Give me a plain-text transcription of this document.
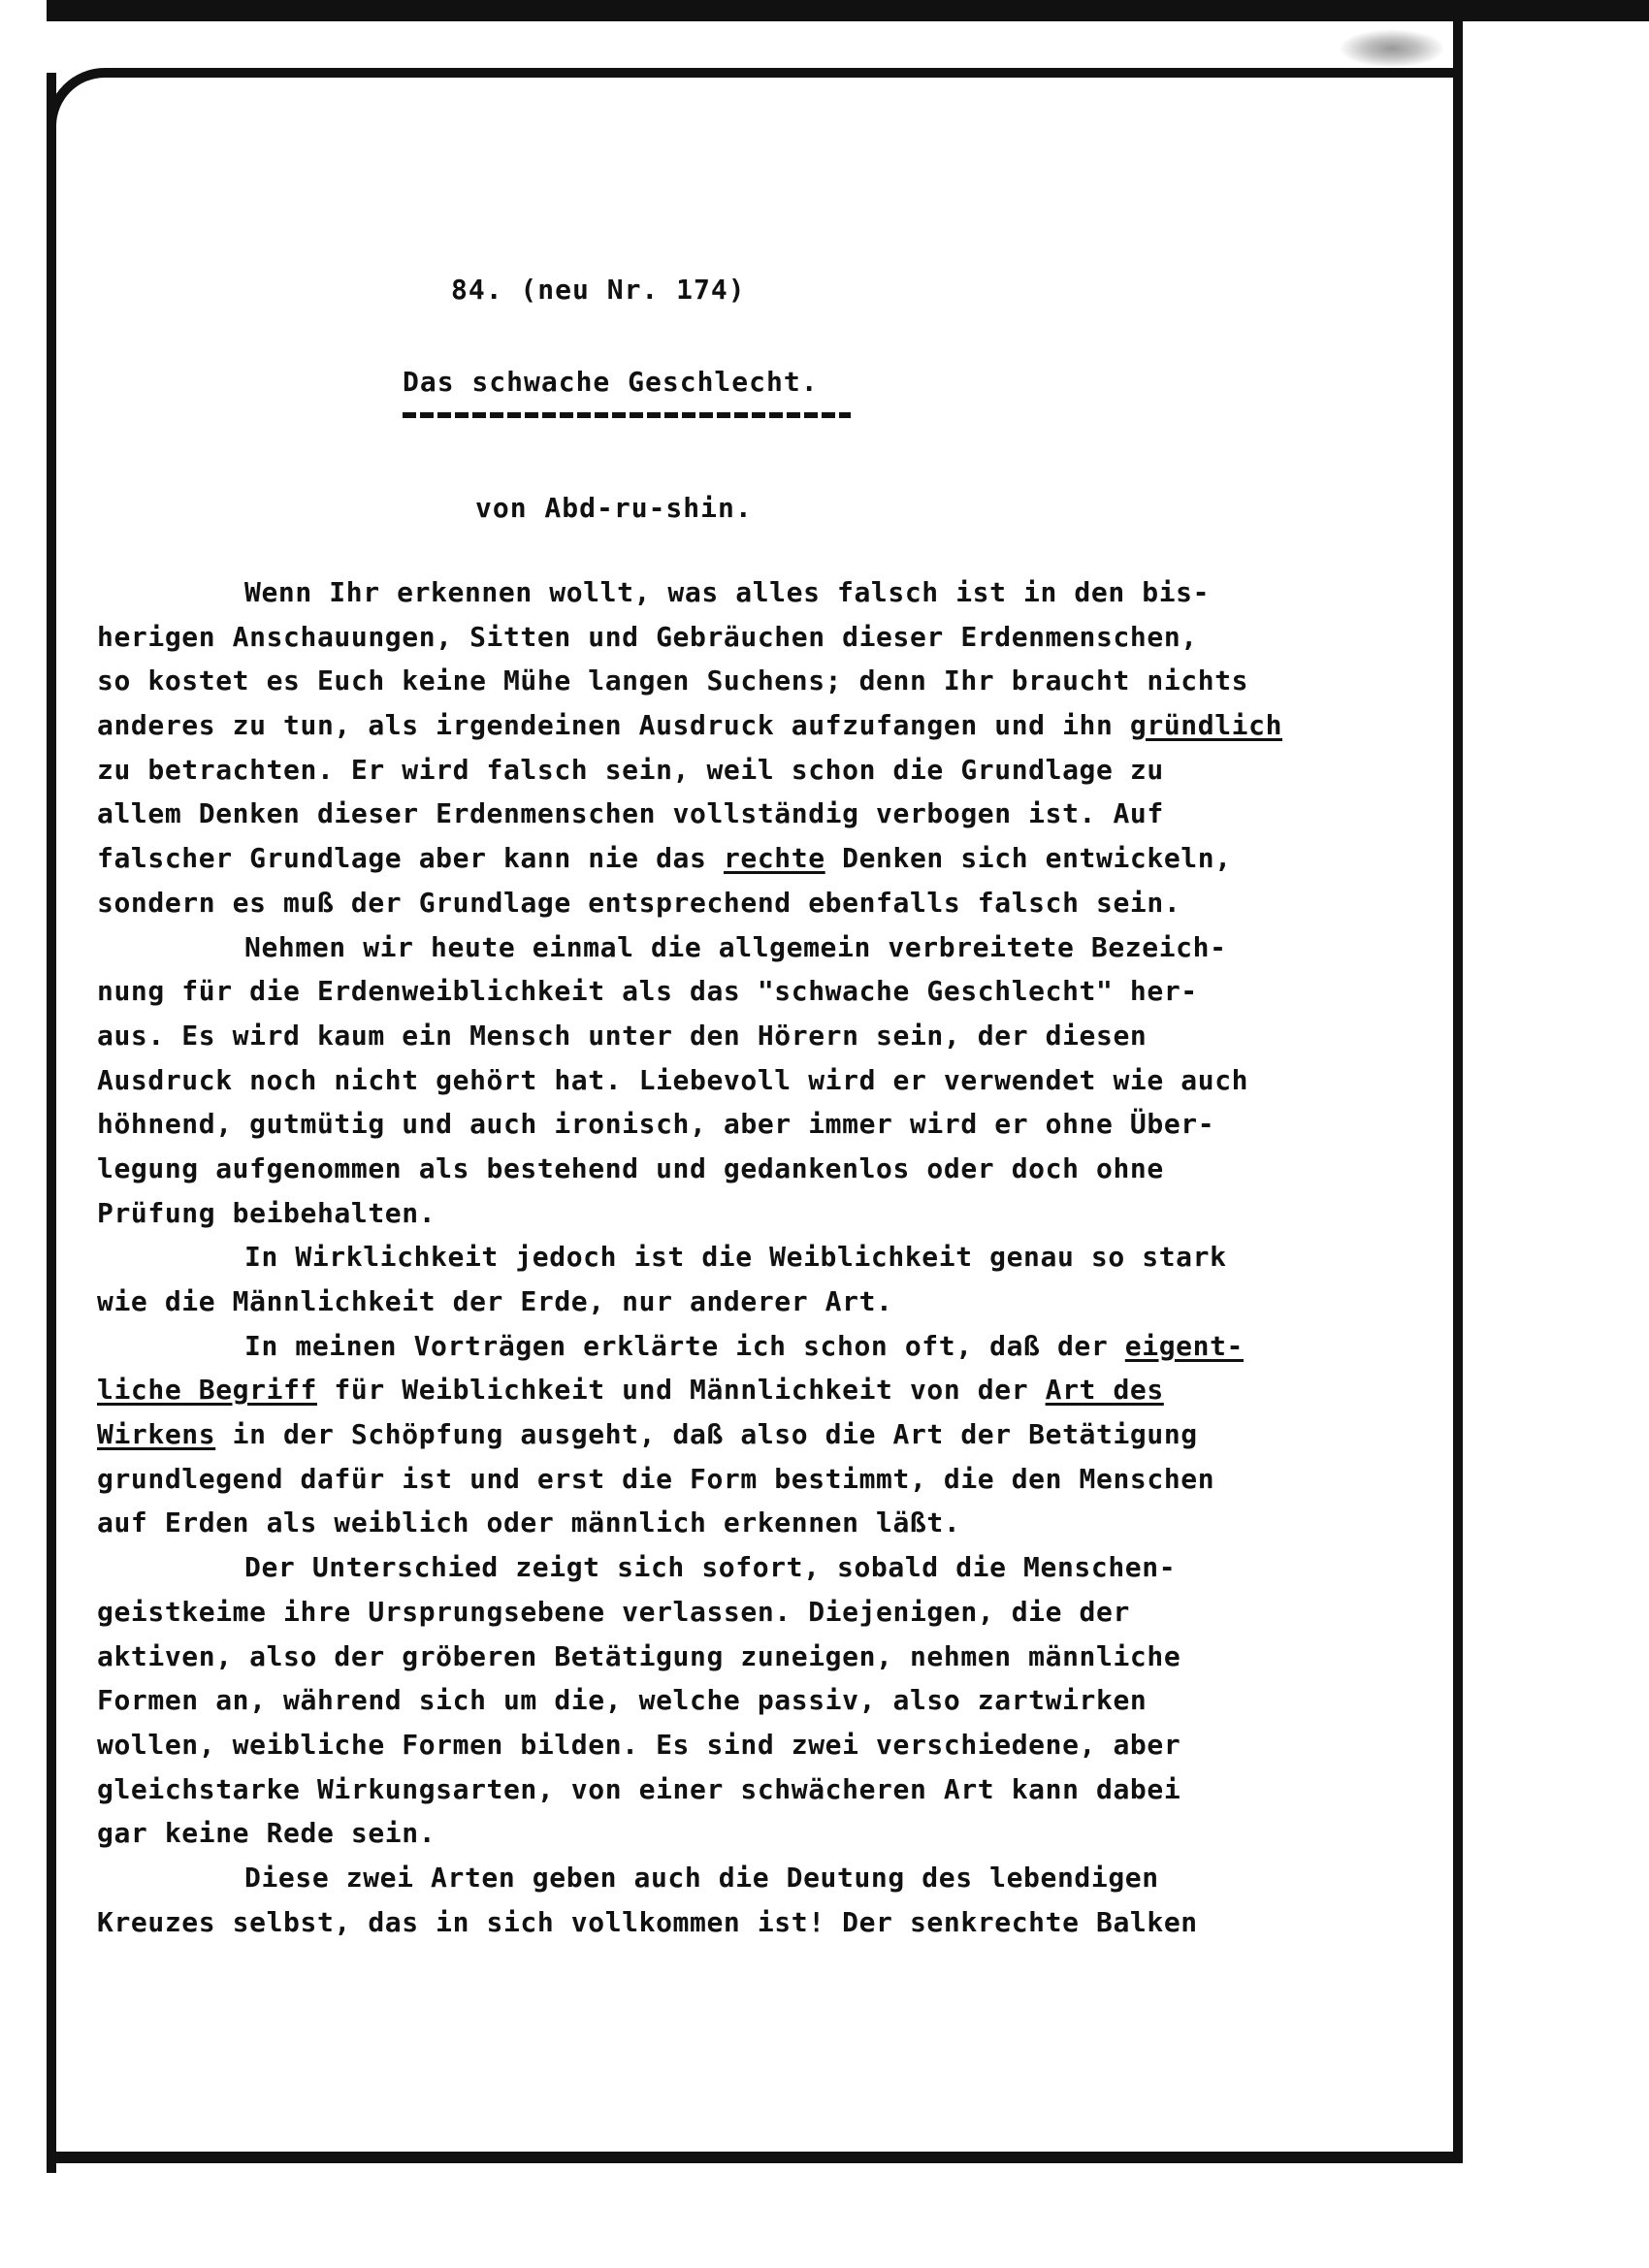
84. (neu Nr. 174)
Das schwache Geschlecht.
von Abd-ru-shin.
Wenn Ihr erkennen wollt, was alles falsch ist in den bis-
herigen Anschauungen, Sitten und Gebräuchen dieser Erdenmenschen,
so kostet es Euch keine Mühe langen Suchens; denn Ihr braucht nichts
anderes zu tun, als irgendeinen Ausdruck aufzufangen und ihn gründlich
zu betrachten. Er wird falsch sein, weil schon die Grundlage zu
allem Denken dieser Erdenmenschen vollständig verbogen ist. Auf
falscher Grundlage aber kann nie das rechte Denken sich entwickeln,
sondern es muß der Grundlage entsprechend ebenfalls falsch sein.
Nehmen wir heute einmal die allgemein verbreitete Bezeich-
nung für die Erdenweiblichkeit als das "schwache Geschlecht" her-
aus. Es wird kaum ein Mensch unter den Hörern sein, der diesen
Ausdruck noch nicht gehört hat. Liebevoll wird er verwendet wie auch
höhnend, gutmütig und auch ironisch, aber immer wird er ohne Über-
legung aufgenommen als bestehend und gedankenlos oder doch ohne
Prüfung beibehalten.
In Wirklichkeit jedoch ist die Weiblichkeit genau so stark
wie die Männlichkeit der Erde, nur anderer Art.
In meinen Vorträgen erklärte ich schon oft, daß der eigent-
liche Begriff für Weiblichkeit und Männlichkeit von der Art des
Wirkens in der Schöpfung ausgeht, daß also die Art der Betätigung
grundlegend dafür ist und erst die Form bestimmt, die den Menschen
auf Erden als weiblich oder männlich erkennen läßt.
Der Unterschied zeigt sich sofort, sobald die Menschen-
geistkeime ihre Ursprungsebene verlassen. Diejenigen, die der
aktiven, also der gröberen Betätigung zuneigen, nehmen männliche
Formen an, während sich um die, welche passiv, also zartwirken
wollen, weibliche Formen bilden. Es sind zwei verschiedene, aber
gleichstarke Wirkungsarten, von einer schwächeren Art kann dabei
gar keine Rede sein.
Diese zwei Arten geben auch die Deutung des lebendigen
Kreuzes selbst, das in sich vollkommen ist! Der senkrechte Balken
